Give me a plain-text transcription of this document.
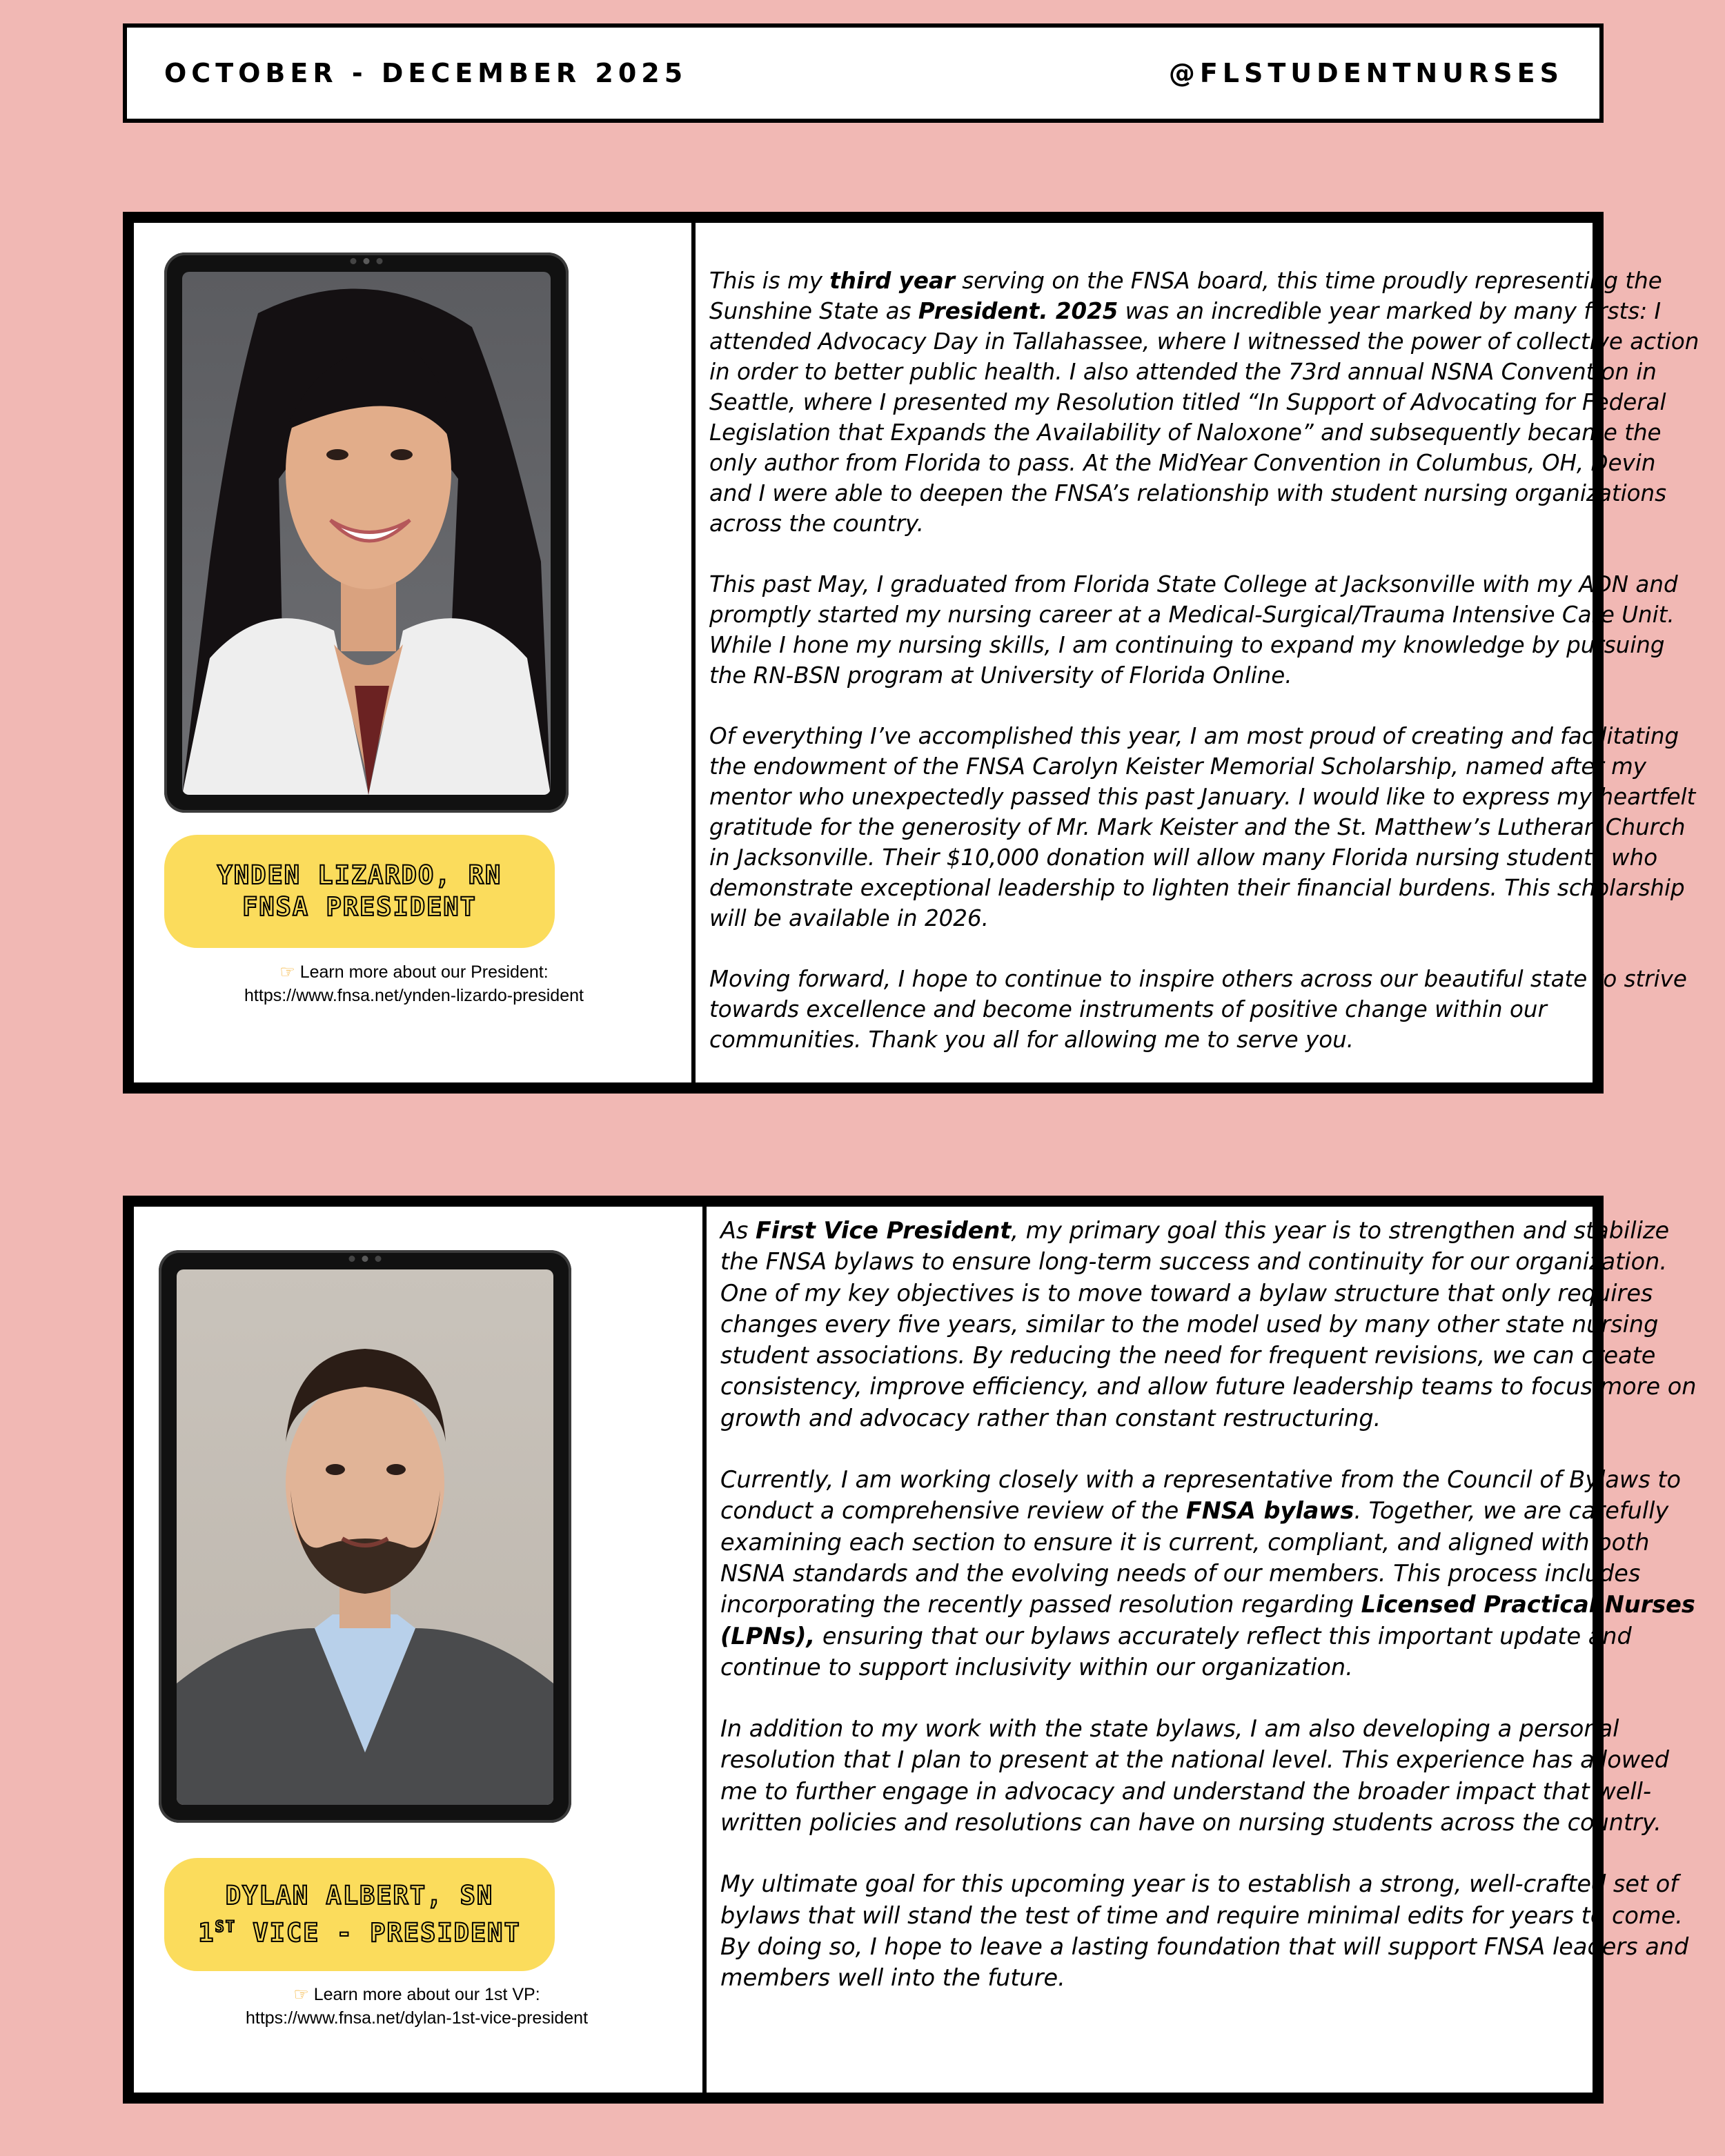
OCTOBER - DECEMBER 2025	@FLSTUDENTNURSES
YNDEN LIZARDO, RN
FNSA PRESIDENT
☞ Learn more about our President:
https://www.fnsa.net/ynden-lizardo-president

This is my third year serving on the FNSA board, this time proudly representing the Sunshine State as President. 2025 was an incredible year marked by many firsts: I attended Advocacy Day in Tallahassee, where I witnessed the power of collective action in order to better public health. I also attended the 73rd annual NSNA Convention in Seattle, where I presented my Resolution titled “In Support of Advocating for Federal Legislation that Expands the Availability of Naloxone” and subsequently became the only author from Florida to pass. At the MidYear Convention in Columbus, OH, Devin and I were able to deepen the FNSA’s relationship with student nursing organizations across the country.

This past May, I graduated from Florida State College at Jacksonville with my ADN and promptly started my nursing career at a Medical-Surgical/Trauma Intensive Care Unit. While I hone my nursing skills, I am continuing to expand my knowledge by pursuing the RN-BSN program at University of Florida Online.

Of everything I’ve accomplished this year, I am most proud of creating and facilitating the endowment of the FNSA Carolyn Keister Memorial Scholarship, named after my mentor who unexpectedly passed this past January. I would like to express my heartfelt gratitude for the generosity of Mr. Mark Keister and the St. Matthew’s Lutheran Church in Jacksonville. Their $10,000 donation will allow many Florida nursing students who demonstrate exceptional leadership to lighten their financial burdens. This scholarship will be available in 2026.

Moving forward, I hope to continue to inspire others across our beautiful state to strive towards excellence and become instruments of positive change within our communities. Thank you all for allowing me to serve you.

DYLAN ALBERT, SN
1ST VICE - PRESIDENT
☞ Learn more about our 1st VP:
https://www.fnsa.net/dylan-1st-vice-president

As First Vice President, my primary goal this year is to strengthen and stabilize the FNSA bylaws to ensure long-term success and continuity for our organization. One of my key objectives is to move toward a bylaw structure that only requires changes every five years, similar to the model used by many other state nursing student associations. By reducing the need for frequent revisions, we can create consistency, improve efficiency, and allow future leadership teams to focus more on growth and advocacy rather than constant restructuring.

Currently, I am working closely with a representative from the Council of Bylaws to conduct a comprehensive review of the FNSA bylaws. Together, we are carefully examining each section to ensure it is current, compliant, and aligned with both NSNA standards and the evolving needs of our members. This process includes incorporating the recently passed resolution regarding Licensed Practical Nurses (LPNs), ensuring that our bylaws accurately reflect this important update and continue to support inclusivity within our organization.

In addition to my work with the state bylaws, I am also developing a personal resolution that I plan to present at the national level. This experience has allowed me to further engage in advocacy and understand the broader impact that well-written policies and resolutions can have on nursing students across the country.

My ultimate goal for this upcoming year is to establish a strong, well-crafted set of bylaws that will stand the test of time and require minimal edits for years to come. By doing so, I hope to leave a lasting foundation that will support FNSA leaders and members well into the future.
